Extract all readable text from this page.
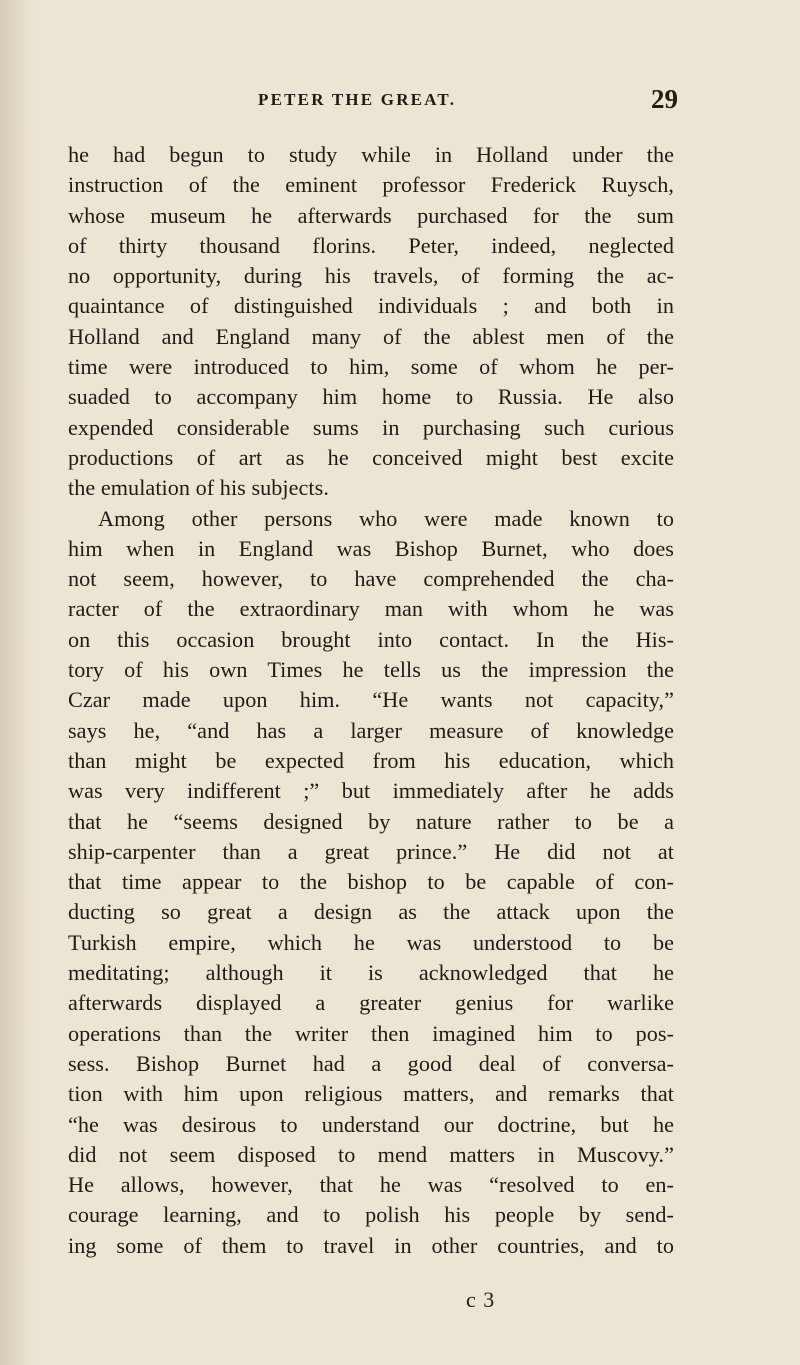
PETER THE GREAT.	29
he had begun to study while in Holland under the
instruction of the eminent professor Frederick Ruysch,
whose museum he afterwards purchased for the sum
of thirty thousand florins. Peter, indeed, neglected
no opportunity, during his travels, of forming the ac-
quaintance of distinguished individuals ; and both in
Holland and England many of the ablest men of the
time were introduced to him, some of whom he per-
suaded to accompany him home to Russia. He also
expended considerable sums in purchasing such curious
productions of art as he conceived might best excite
the emulation of his subjects.
Among other persons who were made known to
him when in England was Bishop Burnet, who does
not seem, however, to have comprehended the cha-
racter of the extraordinary man with whom he was
on this occasion brought into contact. In the His-
tory of his own Times he tells us the impression the
Czar made upon him. “He wants not capacity,”
says he, “and has a larger measure of knowledge
than might be expected from his education, which
was very indifferent ;” but immediately after he adds
that he “seems designed by nature rather to be a
ship-carpenter than a great prince.” He did not at
that time appear to the bishop to be capable of con-
ducting so great a design as the attack upon the
Turkish empire, which he was understood to be
meditating; although it is acknowledged that he
afterwards displayed a greater genius for warlike
operations than the writer then imagined him to pos-
sess. Bishop Burnet had a good deal of conversa-
tion with him upon religious matters, and remarks that
“he was desirous to understand our doctrine, but he
did not seem disposed to mend matters in Muscovy.”
He allows, however, that he was “resolved to en-
courage learning, and to polish his people by send-
ing some of them to travel in other countries, and to
c 3
